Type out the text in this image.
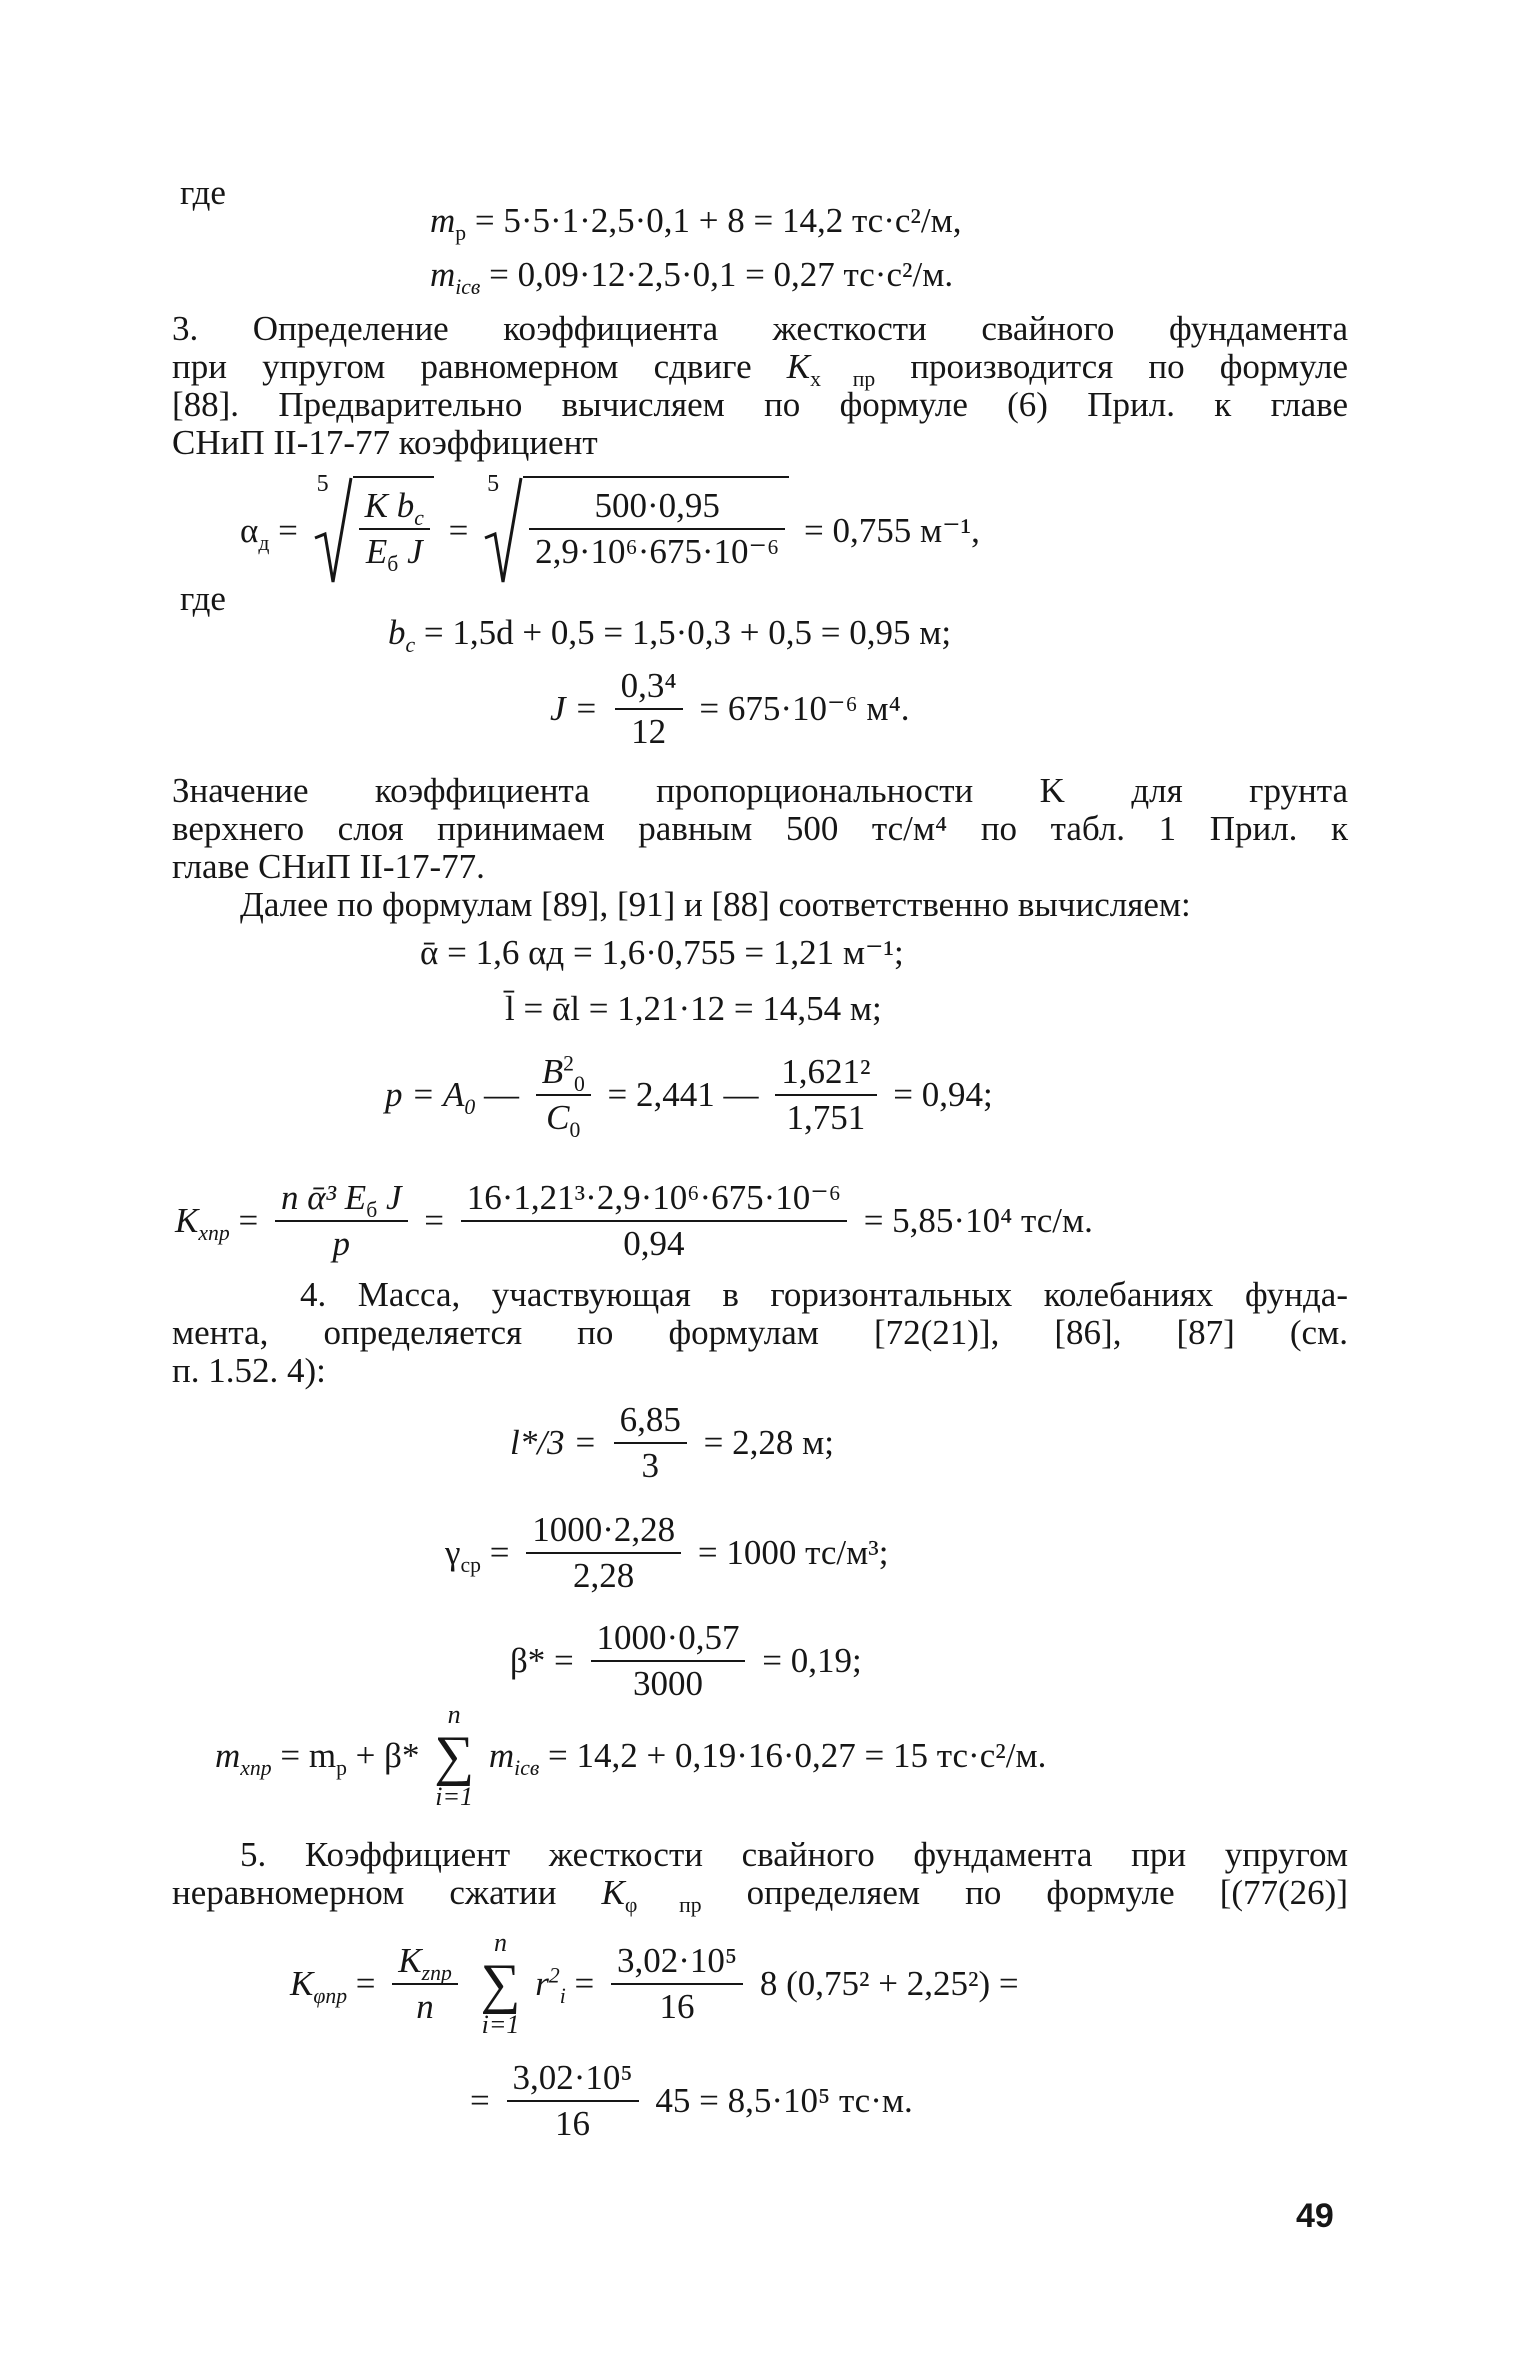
где
$m_р = 5\cdot 5\cdot 1\cdot 2,5\cdot 0,1 + 8 = 14,2$ тс·с²/м,
$m_{iсв} = 0,09\cdot 12\cdot 2,5\cdot 0,1 = 0,27$ тс·с²/м.
3. Определение коэффициента жесткости свайного фундамента
при упругом равномерном сдвиге $K_{x пр}$ производится по формуле
[88]. Предварительно вычисляем по формуле (6) Прил. к главе
СНиП II-17-77 коэффициент
$\alpha_д$ =
$5 \frac{K b_c}{E_б J}$ =
$5 \frac{500\cdot 0,95}{\text{2,9·10⁶·675·10⁻⁶}} = 0,755$ м⁻¹,
где
$b_c = 1,5d + 0,5 = 1,5\cdot 0,3 + 0,5 = 0,95$ м;
$J = \frac{\text{0,3⁴}}{12} = 675\cdot 10^{-6}$ м⁴.
Значение коэффициента пропорциональности K для грунта
верхнего слоя принимаем равным 500 тс/м⁴ по табл. 1 Прил. к
главе СНиП II-17-77.
Далее по формулам [89], [91] и [88] соответственно вычисляем:
ᾱ = 1,6 αд = 1,6·0,755 = 1,21 м⁻¹;
l̄ = ᾱl = 1,21·12 = 14,54 м;
$p = A_0$ — $\frac{B^2_0}{C_0} = 2,441$ — $\frac{\text{1,621²}}{1,751} = 0,94$;
$K_{xпр} = \frac{n ᾱ^3 E_б J}{p} = \frac{\text{16·1,21³·2,9·10⁶·675·10⁻⁶}}{0,94} = 5,85\cdot 10^4$ тс/м.
4. Масса, участвующая в горизонтальных колебаниях фунда-
мента, определяется по формулам [72(21)], [86], [87] (см.
п. 1.52. 4):
$l*/3 = \frac{6,85}{3} = 2,28$ м;
$\gamma_{ср} = \frac{1000\cdot 2,28}{2,28} = 1000$ тс/м³;
$\beta* = \frac{1000\cdot 0,57}{3000} = 0,19$;
$m_{xпр} = m_р + \beta*$
n
∑
i=1
$m_{iсв} = 14,2 + 0,19\cdot 16\cdot 0,27 = 15$ тс·с²/м.
5. Коэффициент жесткости свайного фундамента при упругом
неравномерном сжатии $K_{\varphi пр}$ определяем по формуле [(77(26)]
$K_{\varphi пр} = \frac{K_{zпр}}{n}$
n
∑
i=1
$r^2_i = \frac{\text{3,02·10⁵}}{16} 8$ (0,75² + 2,25²) =
= $\frac{\text{3,02·10⁵}}{16} 45 = 8,5\cdot 10^5$ тс·м.
49
